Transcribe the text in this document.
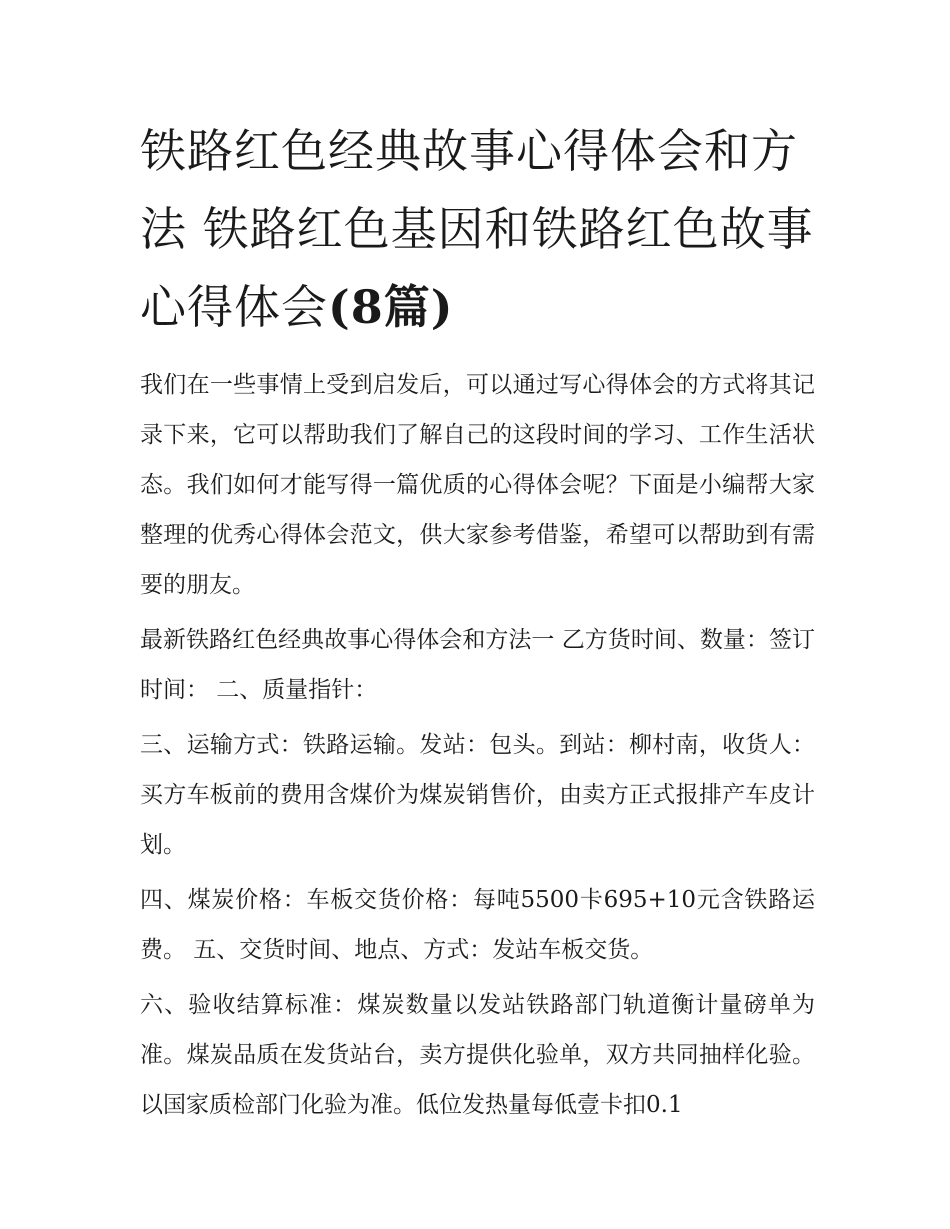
铁路红色经典故事心得体会和方法 铁路红色基因和铁路红色故事心得体会(8篇)

我们在一些事情上受到启发后，可以通过写心得体会的方式将其记录下来，它可以帮助我们了解自己的这段时间的学习、工作生活状态。我们如何才能写得一篇优质的心得体会呢？下面是小编帮大家整理的优秀心得体会范文，供大家参考借鉴，希望可以帮助到有需要的朋友。

最新铁路红色经典故事心得体会和方法一 乙方货时间、数量：签订时间： 二、质量指针：

三、运输方式：铁路运输。发站：包头。到站：柳村南，收货人：买方车板前的费用含煤价为煤炭销售价，由卖方正式报排产车皮计划。

四、煤炭价格：车板交货价格：每吨5500卡695+10元含铁路运费。 五、交货时间、地点、方式：发站车板交货。

六、验收结算标准：煤炭数量以发站铁路部门轨道衡计量磅单为准。煤炭品质在发货站台，卖方提供化验单，双方共同抽样化验。以国家质检部门化验为准。低位发热量每低壹卡扣0.1
